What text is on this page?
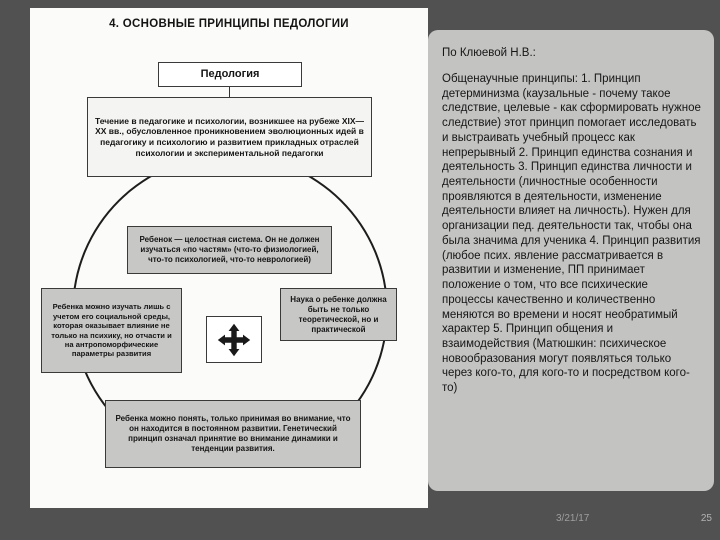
4. ОСНОВНЫЕ ПРИНЦИПЫ ПЕДОЛОГИИ
Педология
Течение в педагогике и психологии, возникшее на рубеже XIX—XX вв., обусловленное проникновением эволюционных идей в педагогику и психологию и развитием прикладных отраслей психологии и экспериментальной педагогки
Ребенок — целостная система. Он не должен изучаться «по частям» (что-то физиологией, что-то психологией, что-то неврологией)
Ребенка можно изучать лишь с учетом его социальной среды, которая оказывает влияние не только на психику, но отчасти и на антропоморфические параметры развития
Наука о ребенке должна быть не только теоретической, но и практической
Ребенка можно понять, только принимая во внимание, что он находится в постоянном развитии. Генетический принцип означал принятие во внимание динамики и тенденции развития.
По Клюевой Н.В.:
Общенаучные принципы: 1. Принцип детерминизма (каузальные - почему такое следствие, целевые - как сформировать нужное следствие) этот принцип помогает исследовать и выстраивать учебный процесс как непрерывный 2. Принцип единства сознания и деятельность 3. Принцип единства личности и деятельности (личностные особенности проявляются в деятельности, изменение деятельности влияет на личность). Нужен для организации пед. деятельности так, чтобы она была значима для ученика 4. Принцип развития (любое псих. явление рассматривается в развитии и изменение, ПП принимает положение о том, что все психические процессы качественно и количественно меняются во времени и носят необратимый характер 5. Принцип общения и взаимодействия (Матюшкин: психическое новообразования могут появляться только через кого-то, для кого-то и посредством кого-то)
3/21/17	25
